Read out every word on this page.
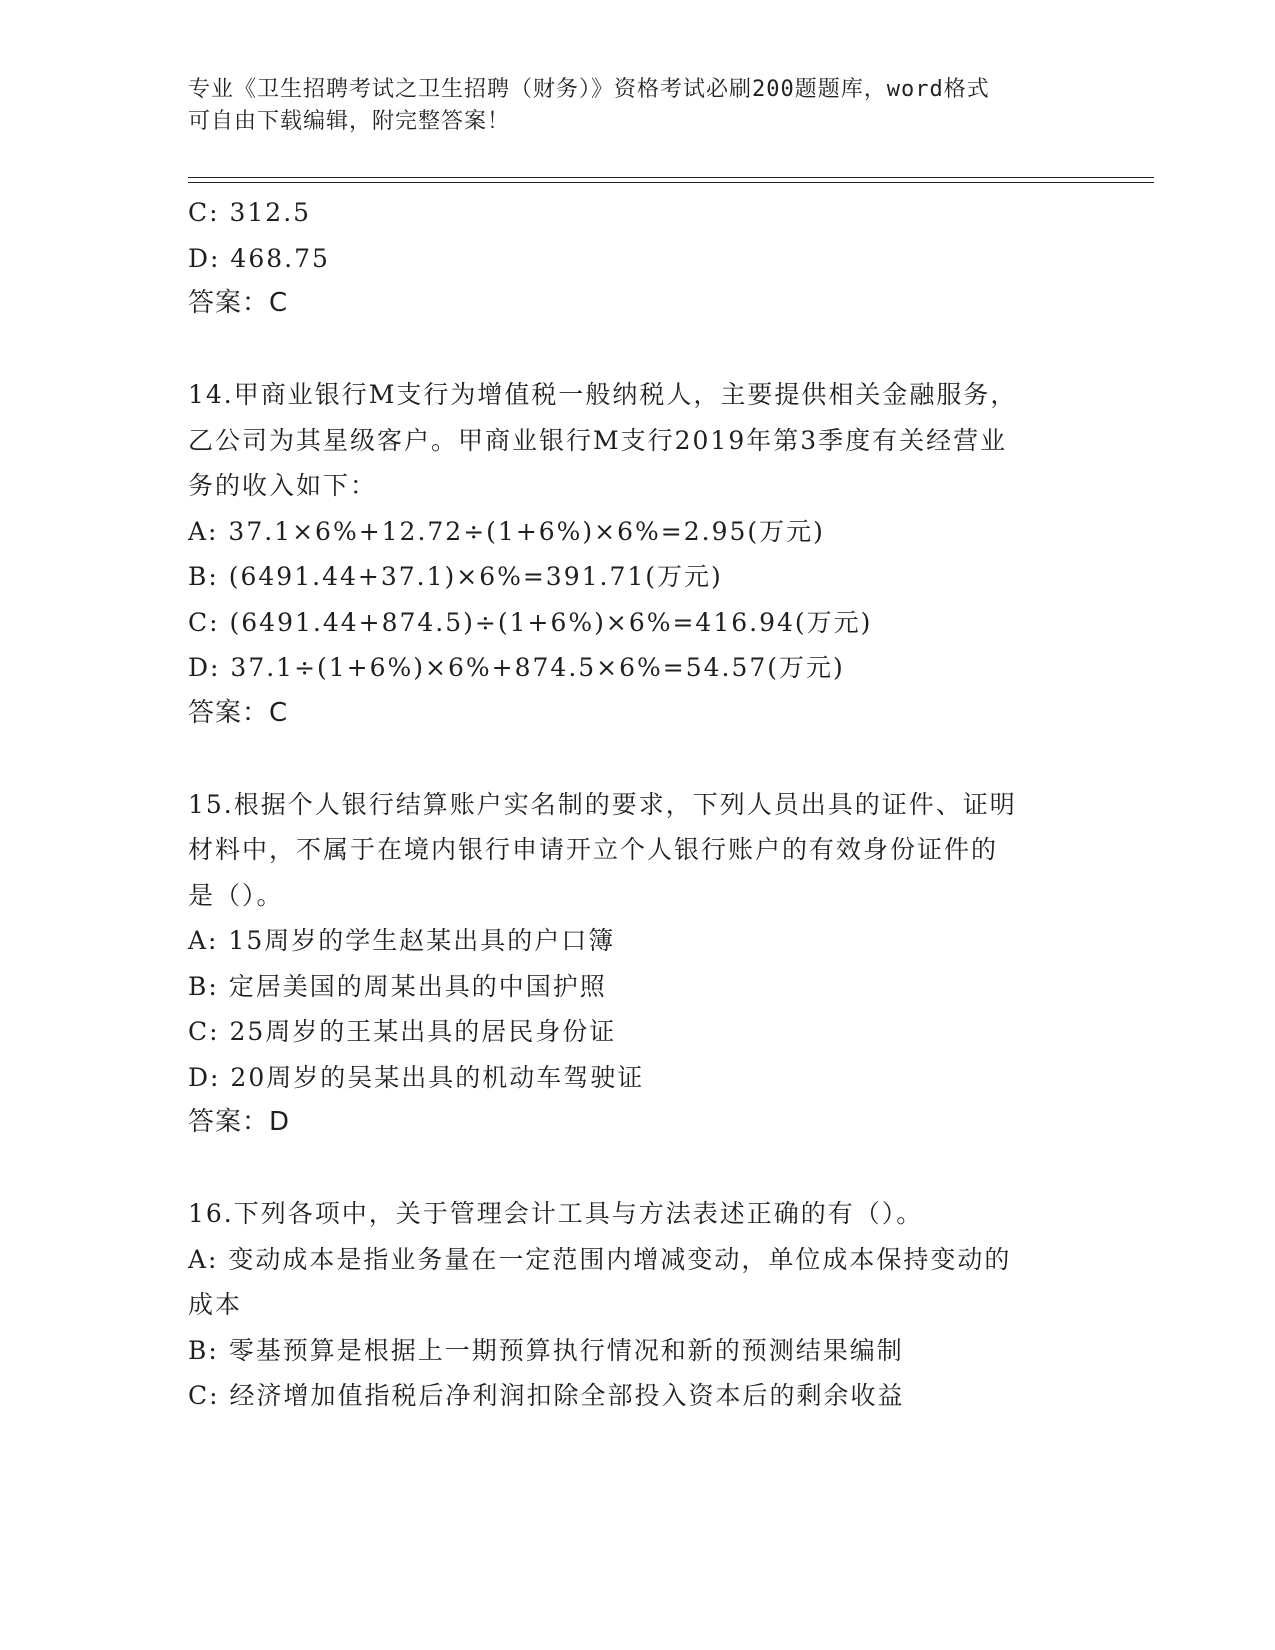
专业《卫生招聘考试之卫生招聘（财务）》资格考试必刷200题题库，word格式
可自由下载编辑，附完整答案！
C: 312.5
D: 468.75
答案：C
14.甲商业银行M支行为增值税一般纳税人，主要提供相关金融服务，
乙公司为其星级客户。甲商业银行M支行2019年第3季度有关经营业
务的收入如下：
A: 37.1×6%+12.72÷(1+6%)×6%=2.95(万元)
B: (6491.44+37.1)×6%=391.71(万元)
C: (6491.44+874.5)÷(1+6%)×6%=416.94(万元)
D: 37.1÷(1+6%)×6%+874.5×6%=54.57(万元)
答案：C
15.根据个人银行结算账户实名制的要求，下列人员出具的证件、证明
材料中，不属于在境内银行申请开立个人银行账户的有效身份证件的
是（）。
A: 15周岁的学生赵某出具的户口簿
B: 定居美国的周某出具的中国护照
C: 25周岁的王某出具的居民身份证
D: 20周岁的吴某出具的机动车驾驶证
答案：D
16.下列各项中，关于管理会计工具与方法表述正确的有（）。
A: 变动成本是指业务量在一定范围内增减变动，单位成本保持变动的
成本
B: 零基预算是根据上一期预算执行情况和新的预测结果编制
C: 经济增加值指税后净利润扣除全部投入资本后的剩余收益
